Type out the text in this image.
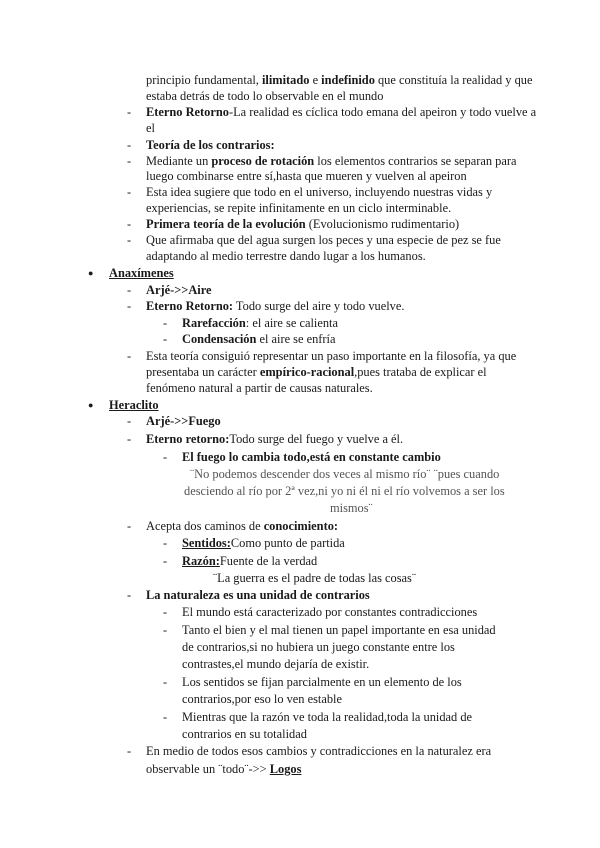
principio fundamental, ilimitado e indefinido que constituía la realidad y que
estaba detrás de todo lo observable en el mundo
- Eterno Retorno-La realidad es cíclica todo emana del apeiron y todo vuelve a
el
- Teoría de los contrarios:
- Mediante un proceso de rotación los elementos contrarios se separan para
luego combinarse entre sí,hasta que mueren y vuelven al apeiron
- Esta idea sugiere que todo en el universo, incluyendo nuestras vidas y
experiencias, se repite infinitamente en un ciclo interminable.
- Primera teoría de la evolución (Evolucionismo rudimentario)
- Que afirmaba que del agua surgen los peces y una especie de pez se fue
adaptando al medio terrestre dando lugar a los humanos.
● Anaxímenes
- Arjé->>Aire
- Eterno Retorno: Todo surge del aire y todo vuelve.
- Rarefacción: el aire se calienta
- Condensación el aire se enfría
- Esta teoría consiguió representar un paso importante en la filosofía, ya que
presentaba un carácter empírico-racional,pues trataba de explicar el
fenómeno natural a partir de causas naturales.
● Heraclito
- Arjé->>Fuego
- Eterno retorno:Todo surge del fuego y vuelve a él.
- El fuego lo cambia todo,está en constante cambio
¨No podemos descender dos veces al mismo río¨ ¨pues cuando
desciendo al río por 2ª vez,ni yo ni él ni el río volvemos a ser los
mismos¨
- Acepta dos caminos de conocimiento:
- Sentidos:Como punto de partida
- Razón:Fuente de la verdad
¨La guerra es el padre de todas las cosas¨
- La naturaleza es una unidad de contrarios
- El mundo está caracterizado por constantes contradicciones
- Tanto el bien y el mal tienen un papel importante en esa unidad
de contrarios,si no hubiera un juego constante entre los
contrastes,el mundo dejaría de existir.
- Los sentidos se fijan parcialmente en un elemento de los
contrarios,por eso lo ven estable
- Mientras que la razón ve toda la realidad,toda la unidad de
contrarios en su totalidad
- En medio de todos esos cambios y contradicciones en la naturalez era
observable un ¨todo¨->> Logos
